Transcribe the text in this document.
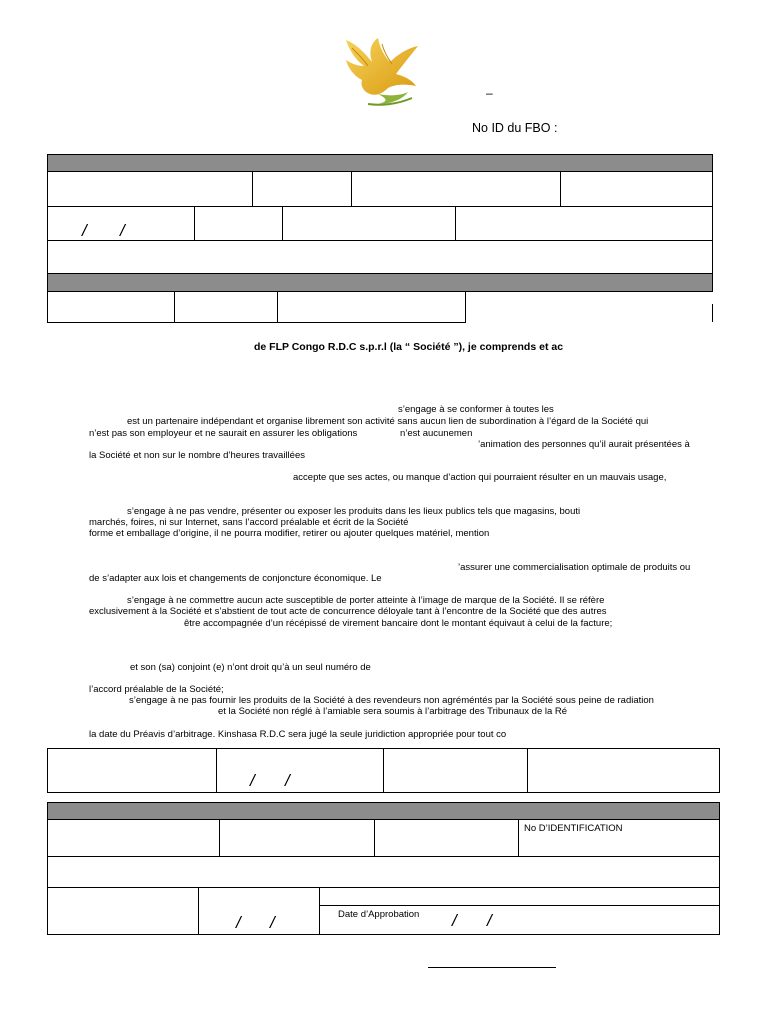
–
No ID du FBO :
/ /
de FLP Congo R.D.C s.p.r.l (la “ Société ”), je comprends et ac
s’engage à se conformer à toutes les
est un partenaire indépendant et organise librement son activité sans aucun lien de subordination à l’égard de la Société qui
n’est pas son employeur et ne saurait en assurer les obligations	n’est aucunemen
’animation des personnes qu’il aurait présentées à
la Société et non sur le nombre d’heures travaillées
accepte que ses actes, ou manque d’action qui pourraient résulter en un mauvais usage,
s’engage à ne pas vendre, présenter ou exposer les produits dans les lieux publics tels que magasins, bouti
marchés, foires, ni sur Internet, sans l’accord préalable et écrit de la Société
forme et emballage d’origine, il ne pourra modifier, retirer ou ajouter quelques matériel, mention
’assurer une commercialisation optimale de produits ou
de s’adapter aux lois et changements de conjoncture économique. Le
s’engage à ne commettre aucun acte susceptible de porter atteinte à l’image de marque de la Société. Il se réfère
exclusivement à la Société et s’abstient de tout acte de concurrence déloyale tant à l’encontre de la Société que des autres
être accompagnée d’un récépissé de virement bancaire dont le montant équivaut à celui de la facture;
et son (sa) conjoint (e) n’ont droit qu’à un seul numéro de
l’accord préalable de la Société;
s’engage à ne pas fournir les produits de la Société à des revendeurs non agréméntés par la Société sous peine de radiation
et la Société non réglé à l’amiable sera soumis à l’arbitrage des Tribunaux de la Ré
la date du Préavis d’arbitrage. Kinshasa R.D.C sera jugé la seule juridiction appropriée pour tout co
/ /
No D’IDENTIFICATION
/ /	Date d’Approbation / /
